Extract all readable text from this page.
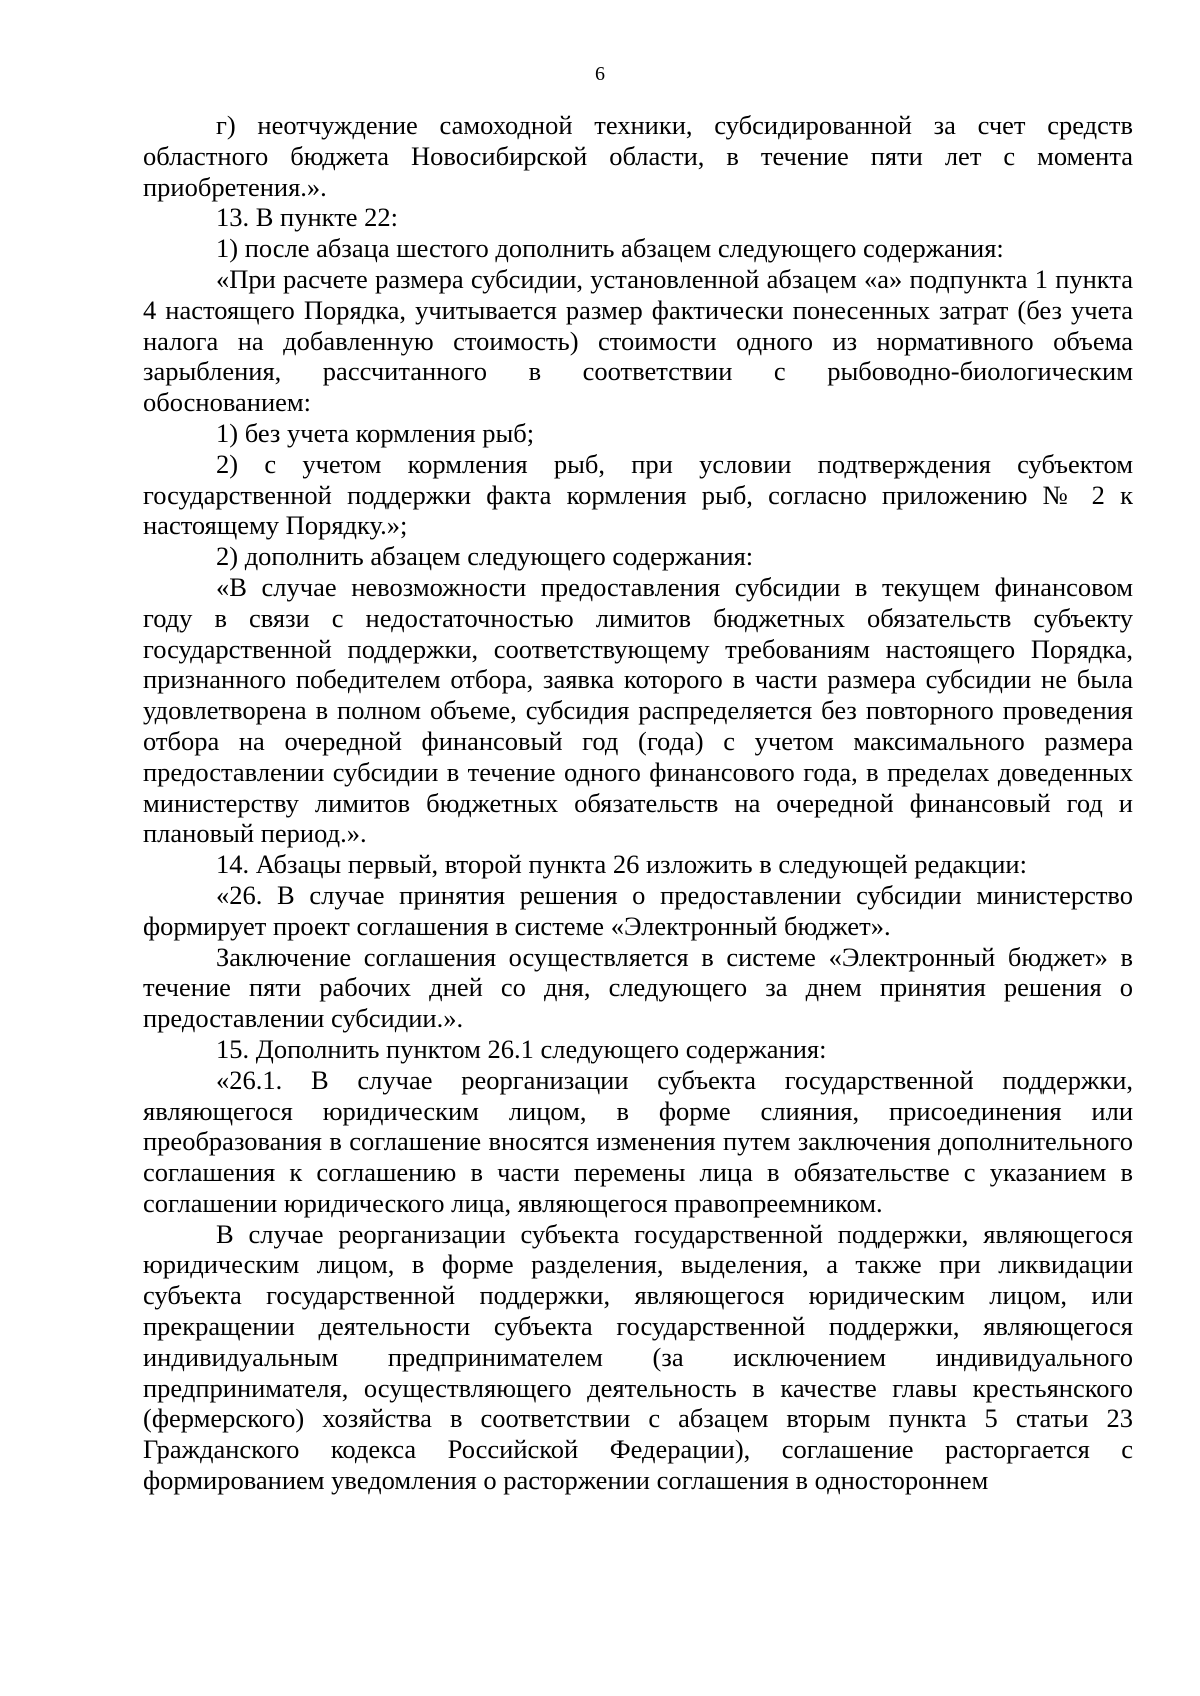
6

г) неотчуждение самоходной техники, субсидированной за счет средств областного бюджета Новосибирской области, в течение пяти лет с момента приобретения.».

13. В пункте 22:

1) после абзаца шестого дополнить абзацем следующего содержания:

«При расчете размера субсидии, установленной абзацем «а» подпункта 1 пункта 4 настоящего Порядка, учитывается размер фактически понесенных затрат (без учета налога на добавленную стоимость) стоимости одного из нормативного объема зарыбления, рассчитанного в соответствии с рыбоводно-биологическим обоснованием:

1) без учета кормления рыб;

2) с учетом кормления рыб, при условии подтверждения субъектом государственной поддержки факта кормления рыб, согласно приложению № 2 к настоящему Порядку.»;

2) дополнить абзацем следующего содержания:

«В случае невозможности предоставления субсидии в текущем финансовом году в связи с недостаточностью лимитов бюджетных обязательств субъекту государственной поддержки, соответствующему требованиям настоящего Порядка, признанного победителем отбора, заявка которого в части размера субсидии не была удовлетворена в полном объеме, субсидия распределяется без повторного проведения отбора на очередной финансовый год (года) с учетом максимального размера предоставлении субсидии в течение одного финансового года, в пределах доведенных министерству лимитов бюджетных обязательств на очередной финансовый год и плановый период.».

14. Абзацы первый, второй пункта 26 изложить в следующей редакции:

«26. В случае принятия решения о предоставлении субсидии министерство формирует проект соглашения в системе «Электронный бюджет».

Заключение соглашения осуществляется в системе «Электронный бюджет» в течение пяти рабочих дней со дня, следующего за днем принятия решения о предоставлении субсидии.».

15. Дополнить пунктом 26.1 следующего содержания:

«26.1. В случае реорганизации субъекта государственной поддержки, являющегося юридическим лицом, в форме слияния, присоединения или преобразования в соглашение вносятся изменения путем заключения дополнительного соглашения к соглашению в части перемены лица в обязательстве с указанием в соглашении юридического лица, являющегося правопреемником.

В случае реорганизации субъекта государственной поддержки, являющегося юридическим лицом, в форме разделения, выделения, а также при ликвидации субъекта государственной поддержки, являющегося юридическим лицом, или прекращении деятельности субъекта государственной поддержки, являющегося индивидуальным предпринимателем (за исключением индивидуального предпринимателя, осуществляющего деятельность в качестве главы крестьянского (фермерского) хозяйства в соответствии с абзацем вторым пункта 5 статьи 23 Гражданского кодекса Российской Федерации), соглашение расторгается с формированием уведомления о расторжении соглашения в одностороннем
